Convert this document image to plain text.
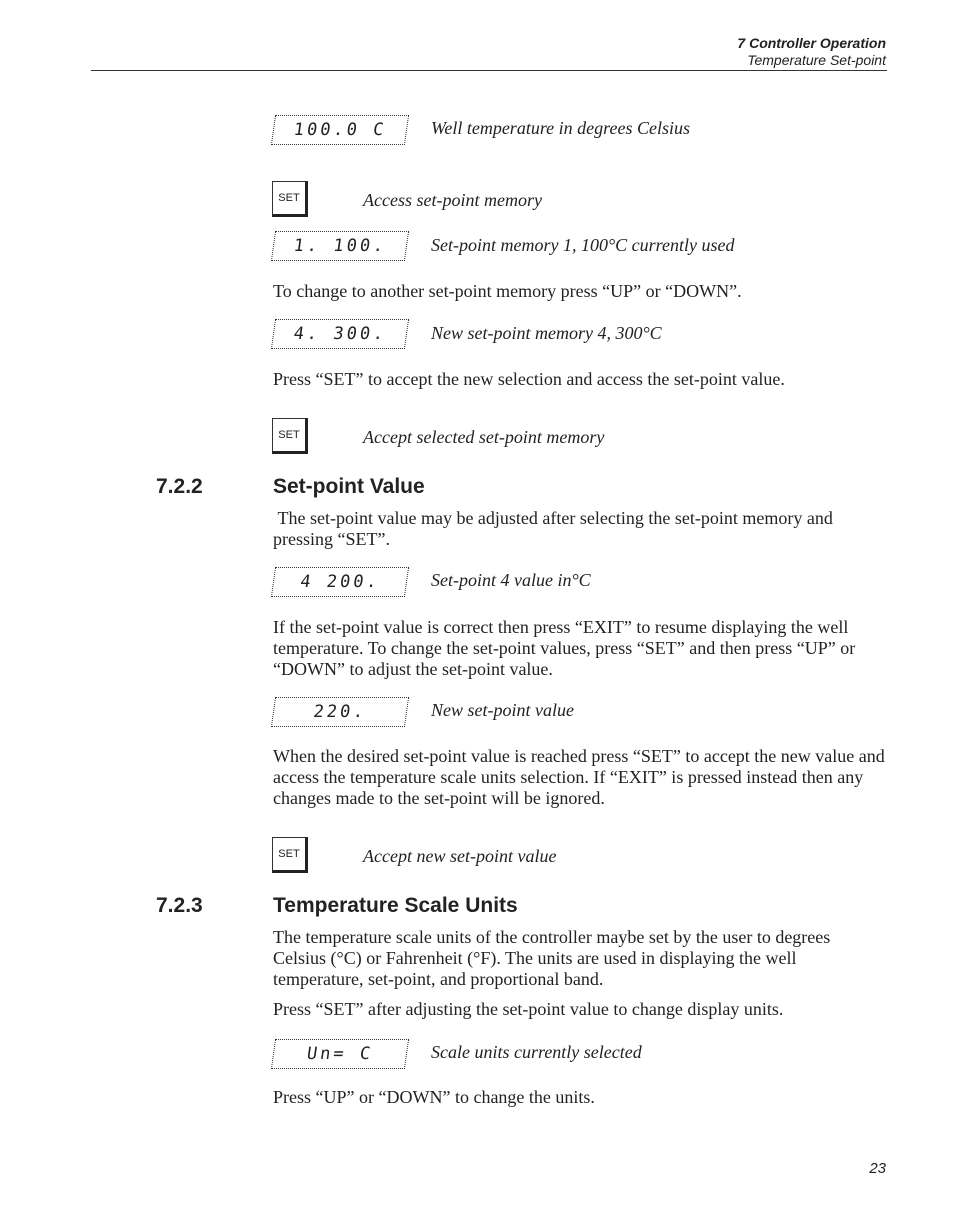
7 Controller Operation
Temperature Set-point
100.0 C	Well temperature in degrees Celsius
SET	Access set-point memory
1. 100.	Set-point memory 1, 100°C currently used
To change to another set-point memory press “UP” or “DOWN”.
4. 300.	New set-point memory 4, 300°C
Press “SET” to accept the new selection and access the set-point value.
SET	Accept selected set-point memory
7.2.2	Set-point Value
The set-point value may be adjusted after selecting the set-point memory and pressing “SET”.
4 200.	Set-point 4 value in°C
If the set-point value is correct then press “EXIT” to resume displaying the well temperature. To change the set-point values, press “SET” and then press “UP” or “DOWN” to adjust the set-point value.
220.	New set-point value
When the desired set-point value is reached press “SET” to accept the new value and access the temperature scale units selection. If “EXIT” is pressed instead then any changes made to the set-point will be ignored.
SET	Accept new set-point value
7.2.3	Temperature Scale Units
The temperature scale units of the controller maybe set by the user to degrees Celsius (°C) or Fahrenheit (°F). The units are used in displaying the well temperature, set-point, and proportional band.
Press “SET” after adjusting the set-point value to change display units.
Un= C	Scale units currently selected
Press “UP” or “DOWN” to change the units.
23
